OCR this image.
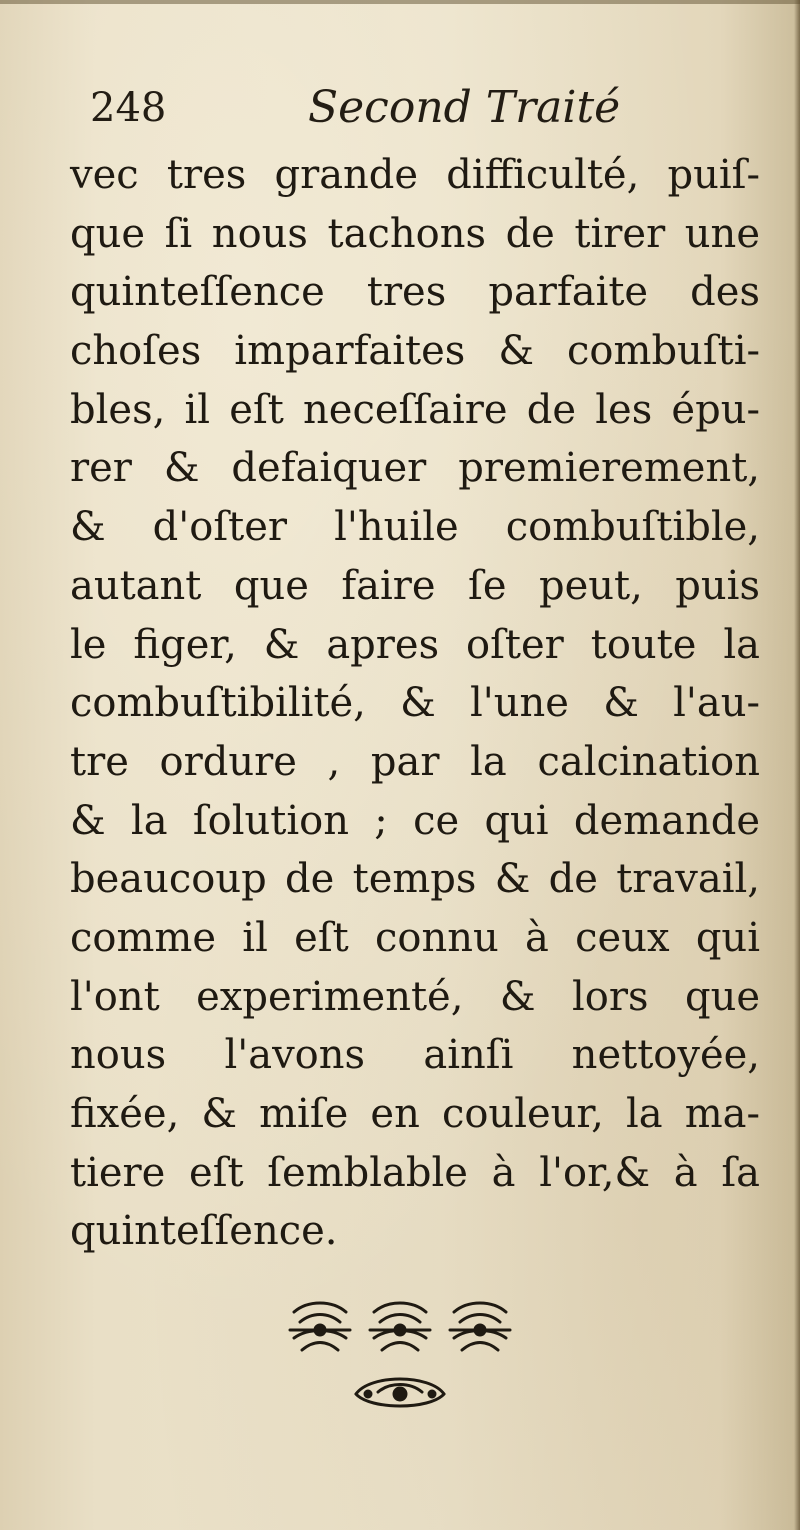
248	Second Traité
vec tres grande difficulté, puiſ-
que ſi nous tachons de tirer une
quinteſſence tres parfaite des
choſes imparfaites & combuſti-
bles, il eſt neceſſaire de les épu-
rer & defaiquer premierement,
& d'oſter l'huile combuſtible,
autant que faire ſe peut, puis
le figer, & apres oſter toute la
combuſtibilité, & l'une & l'au-
tre ordure , par la calcination
& la ſolution ; ce qui demande
beaucoup de temps & de travail,
comme il eſt connu à ceux qui
l'ont experimenté, & lors que
nous l'avons ainſi nettoyée,
fixée, & miſe en couleur, la ma-
tiere eſt ſemblable à l'or,& à ſa
quinteſſence.
